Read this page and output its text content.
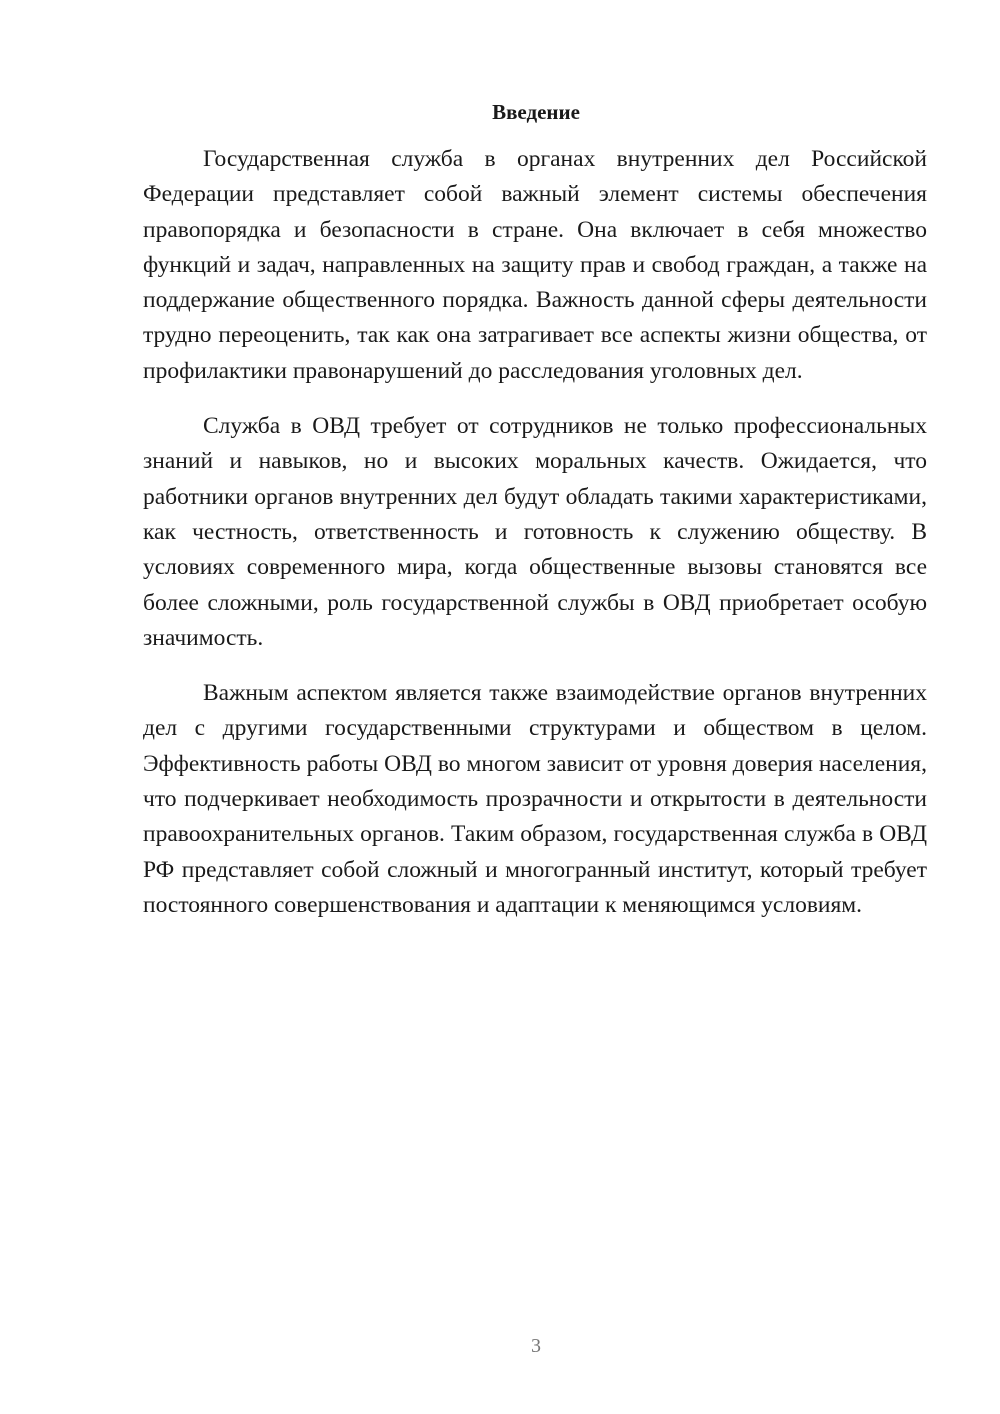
Введение

Государственная служба в органах внутренних дел Российской Федерации представляет собой важный элемент системы обеспечения правопорядка и безопасности в стране. Она включает в себя множество функций и задач, направленных на защиту прав и свобод граждан, а также на поддержание общественного порядка. Важность данной сферы деятельности трудно переоценить, так как она затрагивает все аспекты жизни общества, от профилактики правонарушений до расследования уголовных дел.

Служба в ОВД требует от сотрудников не только профессиональных знаний и навыков, но и высоких моральных качеств. Ожидается, что работники органов внутренних дел будут обладать такими характеристиками, как честность, ответственность и готовность к служению обществу. В условиях современного мира, когда общественные вызовы становятся все более сложными, роль государственной службы в ОВД приобретает особую значимость.

Важным аспектом является также взаимодействие органов внутренних дел с другими государственными структурами и обществом в целом. Эффективность работы ОВД во многом зависит от уровня доверия населения, что подчеркивает необходимость прозрачности и открытости в деятельности правоохранительных органов. Таким образом, государственная служба в ОВД РФ представляет собой сложный и многогранный институт, который требует постоянного совершенствования и адаптации к меняющимся условиям.

3
